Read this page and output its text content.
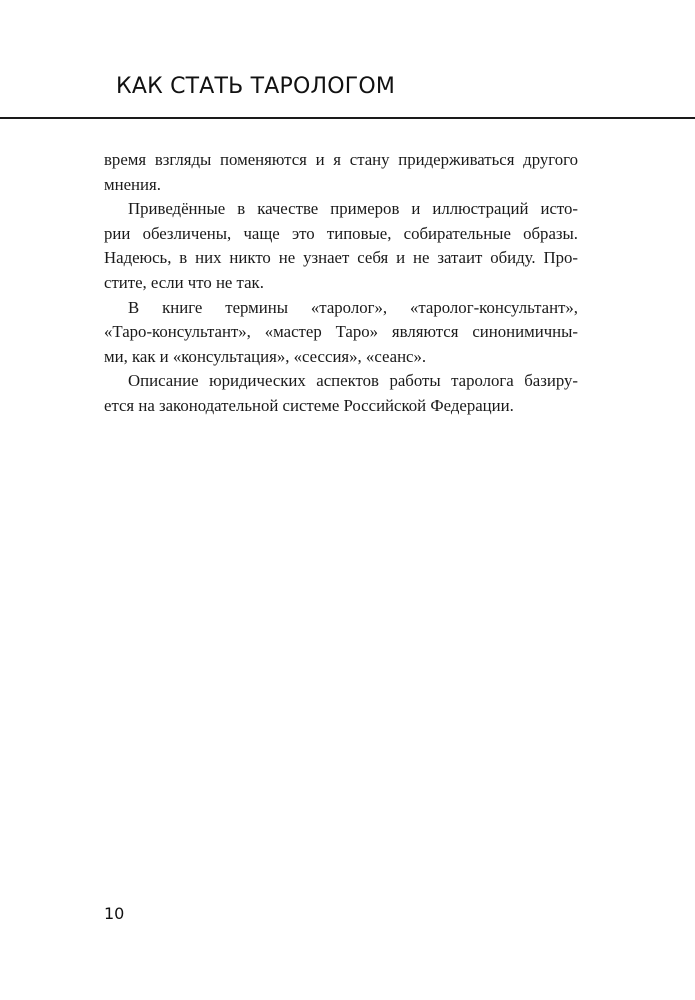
КАК СТАТЬ ТАРОЛОГОМ
время взгляды поменяются и я стану придерживаться другого
мнения.
Приведённые в качестве примеров и иллюстраций исто-
рии обезличены, чаще это типовые, собирательные образы.
Надеюсь, в них никто не узнает себя и не затаит обиду. Про-
стите, если что не так.
В книге термины «таролог», «таролог-консультант»,
«Таро-консультант», «мастер Таро» являются синонимичны-
ми, как и «консультация», «сессия», «сеанс».
Описание юридических аспектов работы таролога базиру-
ется на законодательной системе Российской Федерации.
10
